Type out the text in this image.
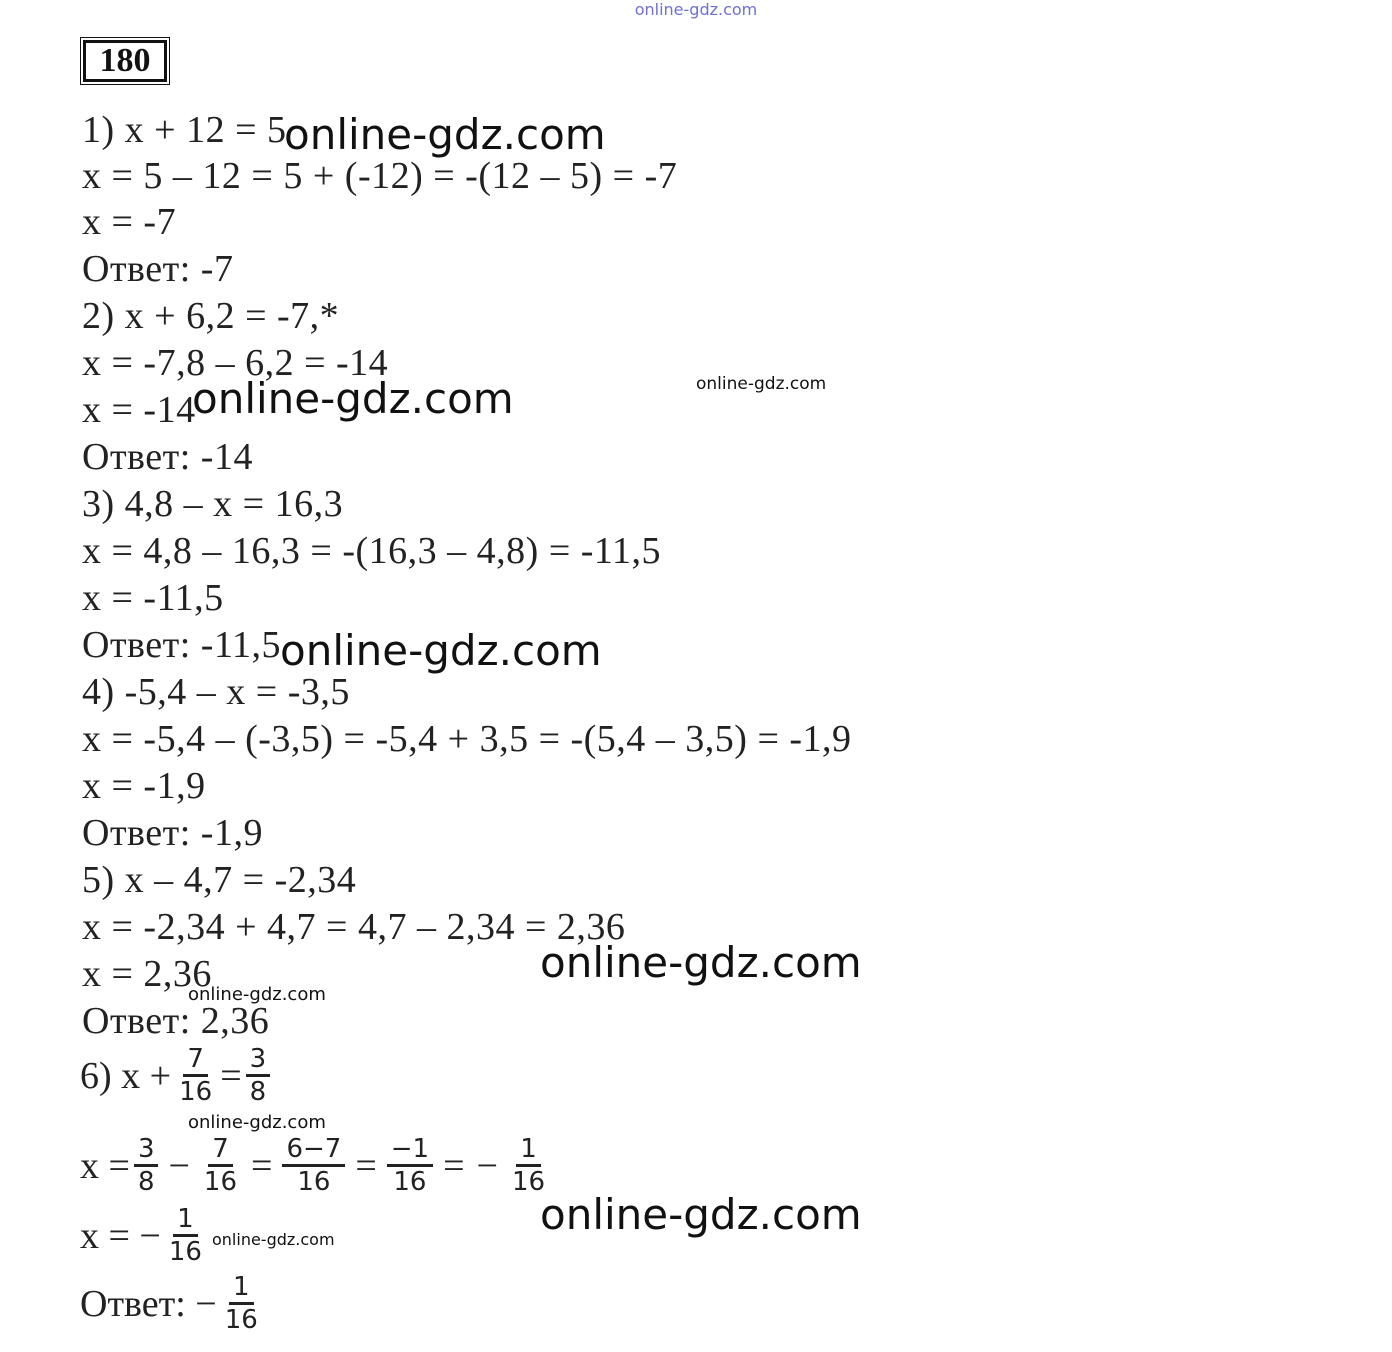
online-gdz.com
180
1) x + 12 = 5
x = 5 – 12 = 5 + (-12) = -(12 – 5) = -7
x = -7
Ответ: -7
2) x + 6,2 = -7,*
x = -7,8 – 6,2 = -14
x = -14
Ответ: -14
3) 4,8 – x = 16,3
x = 4,8 – 16,3 = -(16,3 – 4,8) = -11,5
x = -11,5
Ответ: -11,5
4) -5,4 – x = -3,5
x = -5,4 – (-3,5) = -5,4 + 3,5 = -(5,4 – 3,5) = -1,9
x = -1,9
Ответ: -1,9
5) x – 4,7 = -2,34
x = -2,34 + 4,7 = 4,7 – 2,34 = 2,36
x = 2,36
Ответ: 2,36
6) $x + \frac{7}{16} = \frac{3}{8}$
$x = \frac{3}{8} - \frac{7}{16} = \frac{6-7}{16} = \frac{-1}{16}$ = − $\frac{1}{16}$
x = − $\frac{1}{16}$
Ответ: − $\frac{1}{16}$
online-gdz.com
online-gdz.com
online-gdz.com
online-gdz.com
online-gdz.com
online-gdz.com
online-gdz.com
online-gdz.com
online-gdz.com
